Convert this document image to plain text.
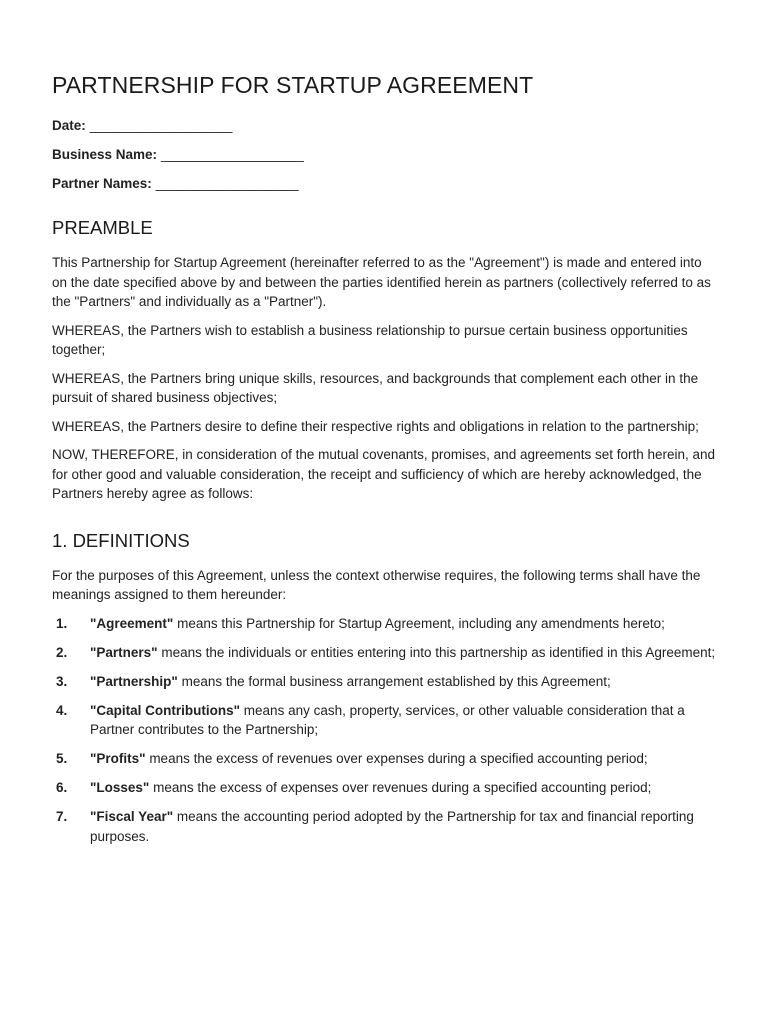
PARTNERSHIP FOR STARTUP AGREEMENT
Date: ___________________
Business Name: ___________________
Partner Names: ___________________
PREAMBLE

This Partnership for Startup Agreement (hereinafter referred to as the "Agreement") is made and entered into on the date specified above by and between the parties identified herein as partners (collectively referred to as the "Partners" and individually as a "Partner").

WHEREAS, the Partners wish to establish a business relationship to pursue certain business opportunities together;

WHEREAS, the Partners bring unique skills, resources, and backgrounds that complement each other in the pursuit of shared business objectives;

WHEREAS, the Partners desire to define their respective rights and obligations in relation to the partnership;

NOW, THEREFORE, in consideration of the mutual covenants, promises, and agreements set forth herein, and for other good and valuable consideration, the receipt and sufficiency of which are hereby acknowledged, the Partners hereby agree as follows:

1. DEFINITIONS

For the purposes of this Agreement, unless the context otherwise requires, the following terms shall have the meanings assigned to them hereunder:

1. "Agreement" means this Partnership for Startup Agreement, including any amendments hereto;
2. "Partners" means the individuals or entities entering into this partnership as identified in this Agreement;
3. "Partnership" means the formal business arrangement established by this Agreement;
4. "Capital Contributions" means any cash, property, services, or other valuable consideration that a Partner contributes to the Partnership;
5. "Profits" means the excess of revenues over expenses during a specified accounting period;
6. "Losses" means the excess of expenses over revenues during a specified accounting period;
7. "Fiscal Year" means the accounting period adopted by the Partnership for tax and financial reporting purposes.
